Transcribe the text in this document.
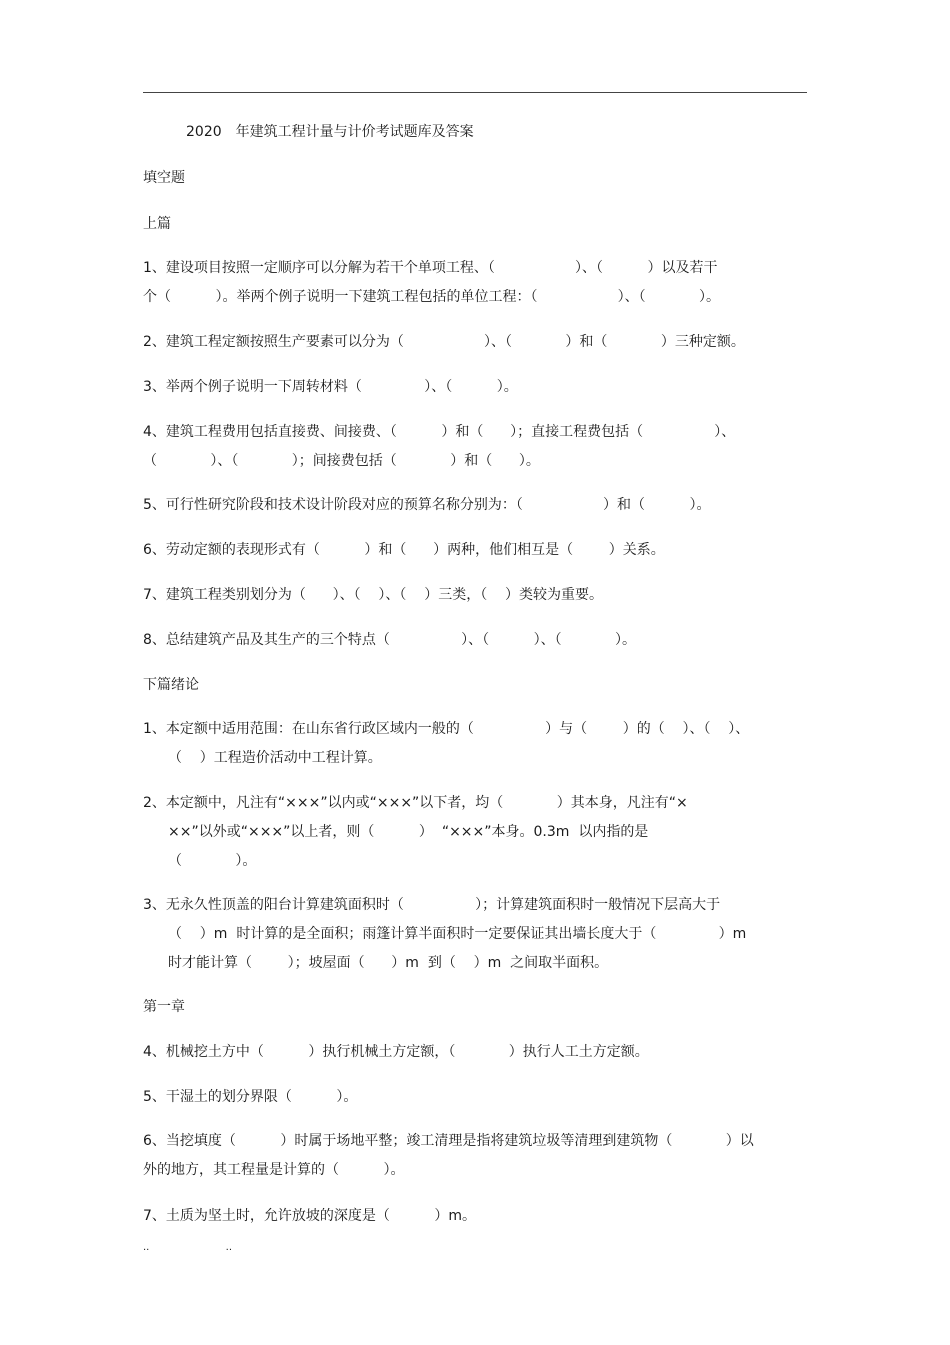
2020　年建筑工程计量与计价考试题库及答案
填空题
上篇
1、建设项目按照一定顺序可以分解为若干个单项工程、（                  ）、（          ）以及若干
个（          ）。举两个例子说明一下建筑工程包括的单位工程：（                  ）、（            ）。
2、建筑工程定额按照生产要素可以分为（                  ）、（            ）和（            ）三种定额。
3、举两个例子说明一下周转材料（              ）、（          ）。
4、建筑工程费用包括直接费、间接费、（          ）和（      ）；直接工程费包括（                ）、
（            ）、（            ）；间接费包括（            ）和（      ）。
5、可行性研究阶段和技术设计阶段对应的预算名称分别为：（                  ）和（          ）。
6、劳动定额的表现形式有（          ）和（      ）两种，他们相互是（        ）关系。
7、建筑工程类别划分为（      ）、（    ）、（    ）三类，（    ）类较为重要。
8、总结建筑产品及其生产的三个特点（                ）、（          ）、（            ）。
下篇绪论
1、本定额中适用范围：在山东省行政区域内一般的（                ）与（        ）的（    ）、（    ）、
（    ）工程造价活动中工程计算。
2、本定额中，凡注有“×××”以内或“×××”以下者，均（            ）其本身，凡注有“×
××”以外或“×××”以上者，则（          ）  “×××”本身。0.3m  以内指的是
（            ）。
3、无永久性顶盖的阳台计算建筑面积时（                ）；计算建筑面积时一般情况下层高大于
（    ）m  时计算的是全面积；雨篷计算半面积时一定要保证其出墙长度大于（              ）m
时才能计算（        ）；坡屋面（      ）m  到（    ）m  之间取半面积。
第一章
4、机械挖土方中（          ）执行机械土方定额，（            ）执行人工土方定额。
5、干湿土的划分界限（          ）。
6、当挖填度（          ）时属于场地平整；竣工清理是指将建筑垃圾等清理到建筑物（            ）以
外的地方，其工程量是计算的（          ）。
7、土质为坚土时，允许放坡的深度是（          ）m。
..                        ..
